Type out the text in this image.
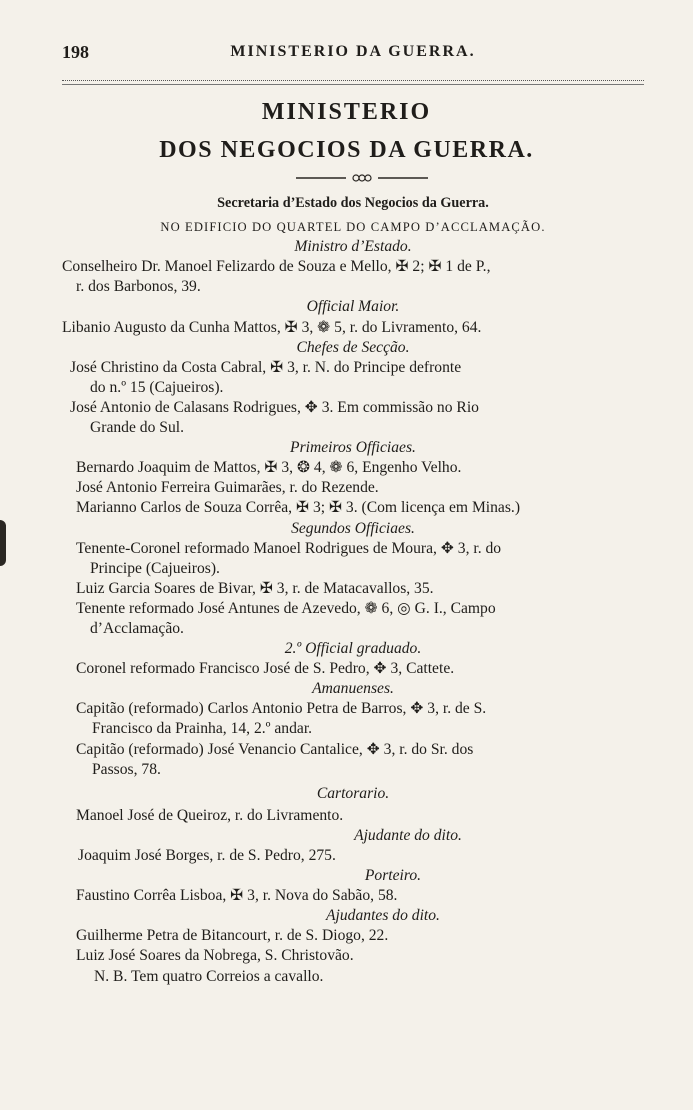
198	MINISTERIO DA GUERRA.
MINISTERIO
DOS NEGOCIOS DA GUERRA.
Secretaria d’Estado dos Negocios da Guerra.
NO EDIFICIO DO QUARTEL DO CAMPO D’ACCLAMAÇÃO.
Ministro d’Estado.
Conselheiro Dr. Manoel Felizardo de Souza e Mello, ✠ 2; ✠ 1 de P.,
r. dos Barbonos, 39.
Official Maior.
Libanio Augusto da Cunha Mattos, ✠ 3, ❁ 5, r. do Livramento, 64.
Chefes de Secção.
José Christino da Costa Cabral, ✠ 3, r. N. do Principe defronte
do n.º 15 (Cajueiros).
José Antonio de Calasans Rodrigues, ✥ 3. Em commissão no Rio
Grande do Sul.
Primeiros Officiaes.
Bernardo Joaquim de Mattos, ✠ 3, ❂ 4, ❁ 6, Engenho Velho.
José Antonio Ferreira Guimarães, r. do Rezende.
Marianno Carlos de Souza Corrêa, ✠ 3; ✠ 3. (Com licença em Minas.)
Segundos Officiaes.
Tenente-Coronel reformado Manoel Rodrigues de Moura, ✥ 3, r. do
Principe (Cajueiros).
Luiz Garcia Soares de Bivar, ✠ 3, r. de Matacavallos, 35.
Tenente reformado José Antunes de Azevedo, ❁ 6, ◎ G. I., Campo
d’Acclamação.
2.º Official graduado.
Coronel reformado Francisco José de S. Pedro, ✥ 3, Cattete.
Amanuenses.
Capitão (reformado) Carlos Antonio Petra de Barros, ✥ 3, r. de S.
Francisco da Prainha, 14, 2.º andar.
Capitão (reformado) José Venancio Cantalice, ✥ 3, r. do Sr. dos
Passos, 78.
Cartorario.
Manoel José de Queiroz, r. do Livramento.
Ajudante do dito.
Joaquim José Borges, r. de S. Pedro, 275.
Porteiro.
Faustino Corrêa Lisboa, ✠ 3, r. Nova do Sabão, 58.
Ajudantes do dito.
Guilherme Petra de Bitancourt, r. de S. Diogo, 22.
Luiz José Soares da Nobrega, S. Christovão.
N. B. Tem quatro Correios a cavallo.
